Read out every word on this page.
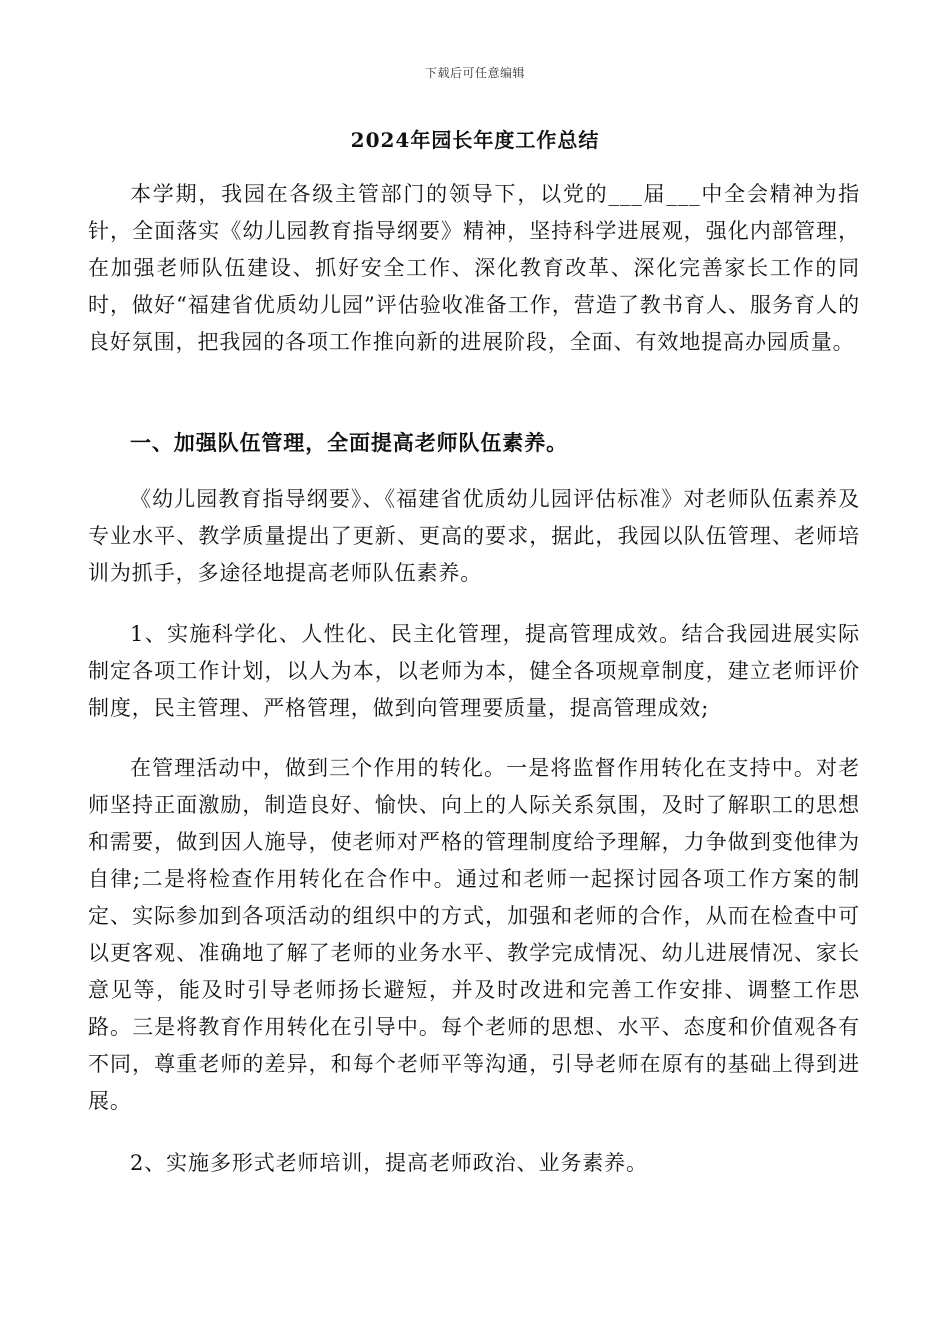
下载后可任意编辑
2024年园长年度工作总结

本学期，我园在各级主管部门的领导下，以党的___届___中全会精神为指针，全面落实《幼儿园教育指导纲要》精神，坚持科学进展观，强化内部管理，在加强老师队伍建设、抓好安全工作、深化教育改革、深化完善家长工作的同时，做好“福建省优质幼儿园”评估验收准备工作，营造了教书育人、服务育人的良好氛围，把我园的各项工作推向新的进展阶段，全面、有效地提高办园质量。

一、加强队伍管理，全面提高老师队伍素养。

《幼儿园教育指导纲要》、《福建省优质幼儿园评估标准》对老师队伍素养及专业水平、教学质量提出了更新、更高的要求，据此，我园以队伍管理、老师培训为抓手，多途径地提高老师队伍素养。

1、实施科学化、人性化、民主化管理，提高管理成效。结合我园进展实际制定各项工作计划，以人为本，以老师为本，健全各项规章制度，建立老师评价制度，民主管理、严格管理，做到向管理要质量，提高管理成效;

在管理活动中，做到三个作用的转化。一是将监督作用转化在支持中。对老师坚持正面激励，制造良好、愉快、向上的人际关系氛围，及时了解职工的思想和需要，做到因人施导，使老师对严格的管理制度给予理解，力争做到变他律为自律;二是将检查作用转化在合作中。通过和老师一起探讨园各项工作方案的制定、实际参加到各项活动的组织中的方式，加强和老师的合作，从而在检查中可以更客观、准确地了解了老师的业务水平、教学完成情况、幼儿进展情况、家长意见等，能及时引导老师扬长避短，并及时改进和完善工作安排、调整工作思路。三是将教育作用转化在引导中。每个老师的思想、水平、态度和价值观各有不同，尊重老师的差异，和每个老师平等沟通，引导老师在原有的基础上得到进展。

2、实施多形式老师培训，提高老师政治、业务素养。
